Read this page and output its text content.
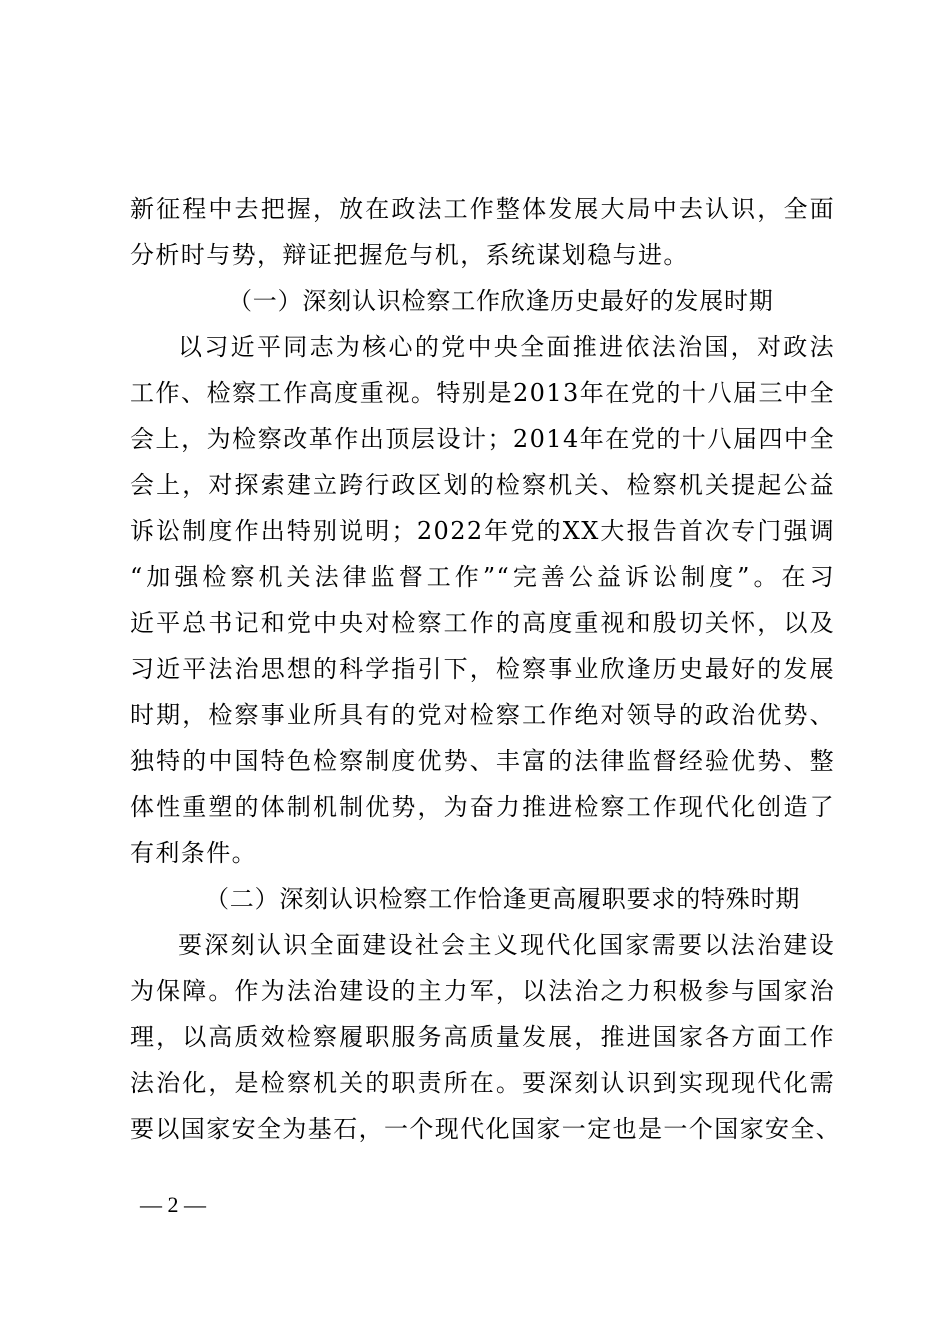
新征程中去把握，放在政法工作整体发展大局中去认识，全面
分析时与势，辩证把握危与机，系统谋划稳与进。
（一）深刻认识检察工作欣逢历史最好的发展时期
以习近平同志为核心的党中央全面推进依法治国，对政法
工作、检察工作高度重视。特别是2013年在党的十八届三中全
会上，为检察改革作出顶层设计；2014年在党的十八届四中全
会上，对探索建立跨行政区划的检察机关、检察机关提起公益
诉讼制度作出特别说明；2022年党的XX大报告首次专门强调
“加强检察机关法律监督工作”“完善公益诉讼制度”。在习
近平总书记和党中央对检察工作的高度重视和殷切关怀，以及
习近平法治思想的科学指引下，检察事业欣逢历史最好的发展
时期，检察事业所具有的党对检察工作绝对领导的政治优势、
独特的中国特色检察制度优势、丰富的法律监督经验优势、整
体性重塑的体制机制优势，为奋力推进检察工作现代化创造了
有利条件。
（二）深刻认识检察工作恰逢更高履职要求的特殊时期
要深刻认识全面建设社会主义现代化国家需要以法治建设
为保障。作为法治建设的主力军，以法治之力积极参与国家治
理，以高质效检察履职服务高质量发展，推进国家各方面工作
法治化，是检察机关的职责所在。要深刻认识到实现现代化需
要以国家安全为基石，一个现代化国家一定也是一个国家安全、
— 2 —
